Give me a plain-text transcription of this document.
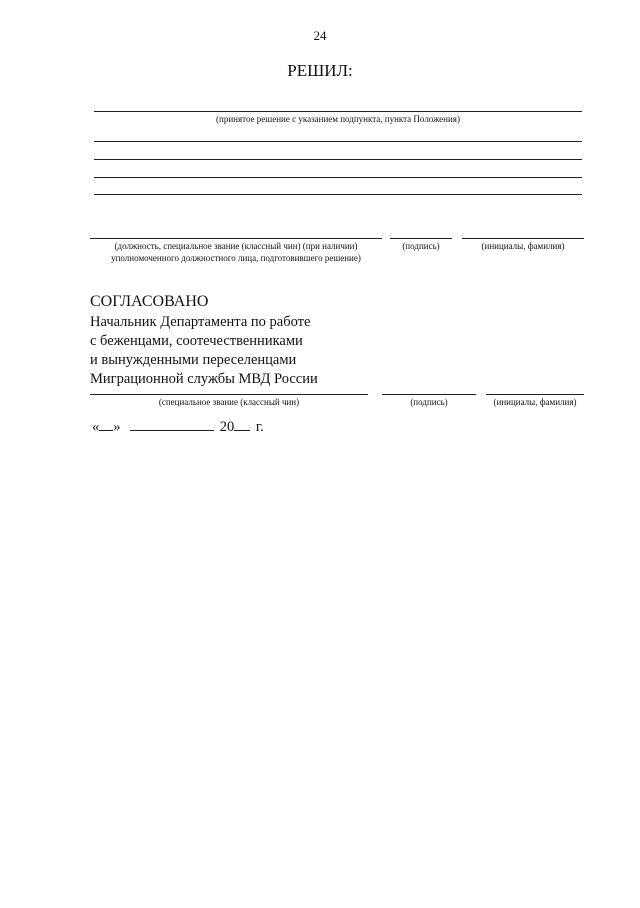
24
РЕШИЛ:
(принятое решение с указанием подпункта, пункта Положения)
(должность, специальное звание (классный чин) (при наличии)
уполномоченного должностного лица, подготовившего решение)
(подпись)	(инициалы, фамилия)
СОГЛАСОВАНО
Начальник Департамента по работе
с беженцами, соотечественниками
и вынужденными переселенцами
Миграционной службы МВД России
(специальное звание (классный чин)	(подпись)	(инициалы, фамилия)
« »	20 г.
